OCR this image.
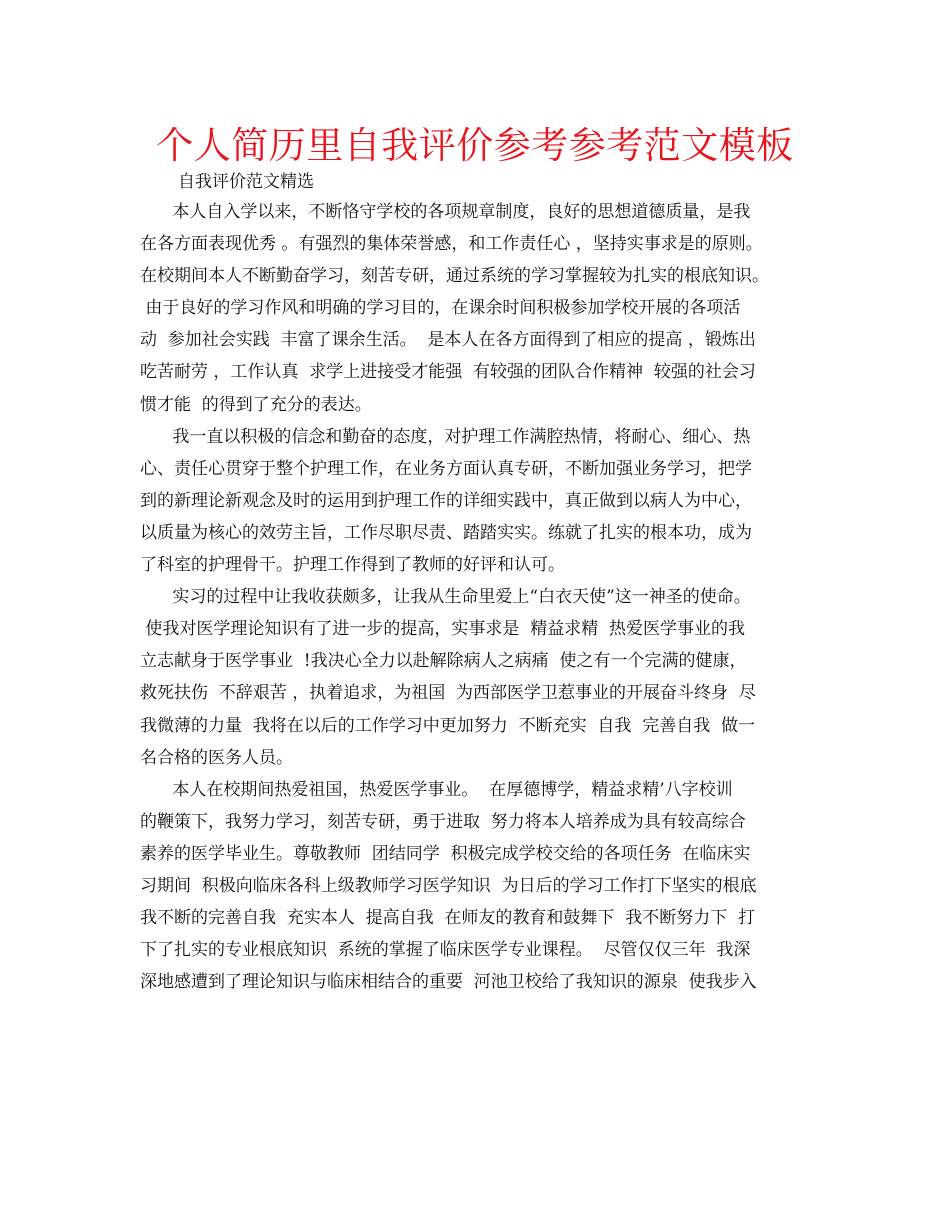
个人简历里自我评价参考参考范文模板
自我评价范文精选
本人自入学以来，不断恪守学校的各项规章制度，良好的思想道德质量，是我
在各方面表现优秀 。有强烈的集体荣誉感，和工作责任心 ，坚持实事求是的原则。
在校期间本人不断勤奋学习，刻苦专研，通过系统的学习掌握较为扎实的根底知识。
由于良好的学习作风和明确的学习目的，在课余时间积极参加学校开展的各项活
动  参加社会实践  丰富了课余生活。  是本人在各方面得到了相应的提高 ，锻炼出
吃苦耐劳 ，工作认真  求学上进接受才能强  有较强的团队合作精神  较强的社会习
惯才能  的得到了充分的表达。
我一直以积极的信念和勤奋的态度，对护理工作满腔热情，将耐心、细心、热
心、责任心贯穿于整个护理工作，在业务方面认真专研，不断加强业务学习，把学
到的新理论新观念及时的运用到护理工作的详细实践中，真正做到以病人为中心，
以质量为核心的效劳主旨，工作尽职尽责、踏踏实实。练就了扎实的根本功，成为
了科室的护理骨干。护理工作得到了教师的好评和认可。
实习的过程中让我收获颇多，让我从生命里爱上“白衣天使”这一神圣的使命。
使我对医学理论知识有了进一步的提高，实事求是  精益求精  热爱医学事业的我
立志献身于医学事业  !我决心全力以赴解除病人之病痛  使之有一个完满的健康，
救死扶伤  不辞艰苦 ，执着追求，为祖国  为西部医学卫惹事业的开展奋斗终身  尽
我微薄的力量  我将在以后的工作学习中更加努力  不断充实  自我  完善自我  做一
名合格的医务人员。
本人在校期间热爱祖国，热爱医学事业。  在厚德博学，精益求精’八字校训
的鞭策下，我努力学习，刻苦专研，勇于进取  努力将本人培养成为具有较高综合
素养的医学毕业生。尊敬教师  团结同学  积极完成学校交给的各项任务  在临床实
习期间  积极向临床各科上级教师学习医学知识  为日后的学习工作打下坚实的根底
我不断的完善自我  充实本人  提高自我  在师友的教育和鼓舞下  我不断努力下  打
下了扎实的专业根底知识  系统的掌握了临床医学专业课程。  尽管仅仅三年  我深
深地感遭到了理论知识与临床相结合的重要  河池卫校给了我知识的源泉  使我步入
